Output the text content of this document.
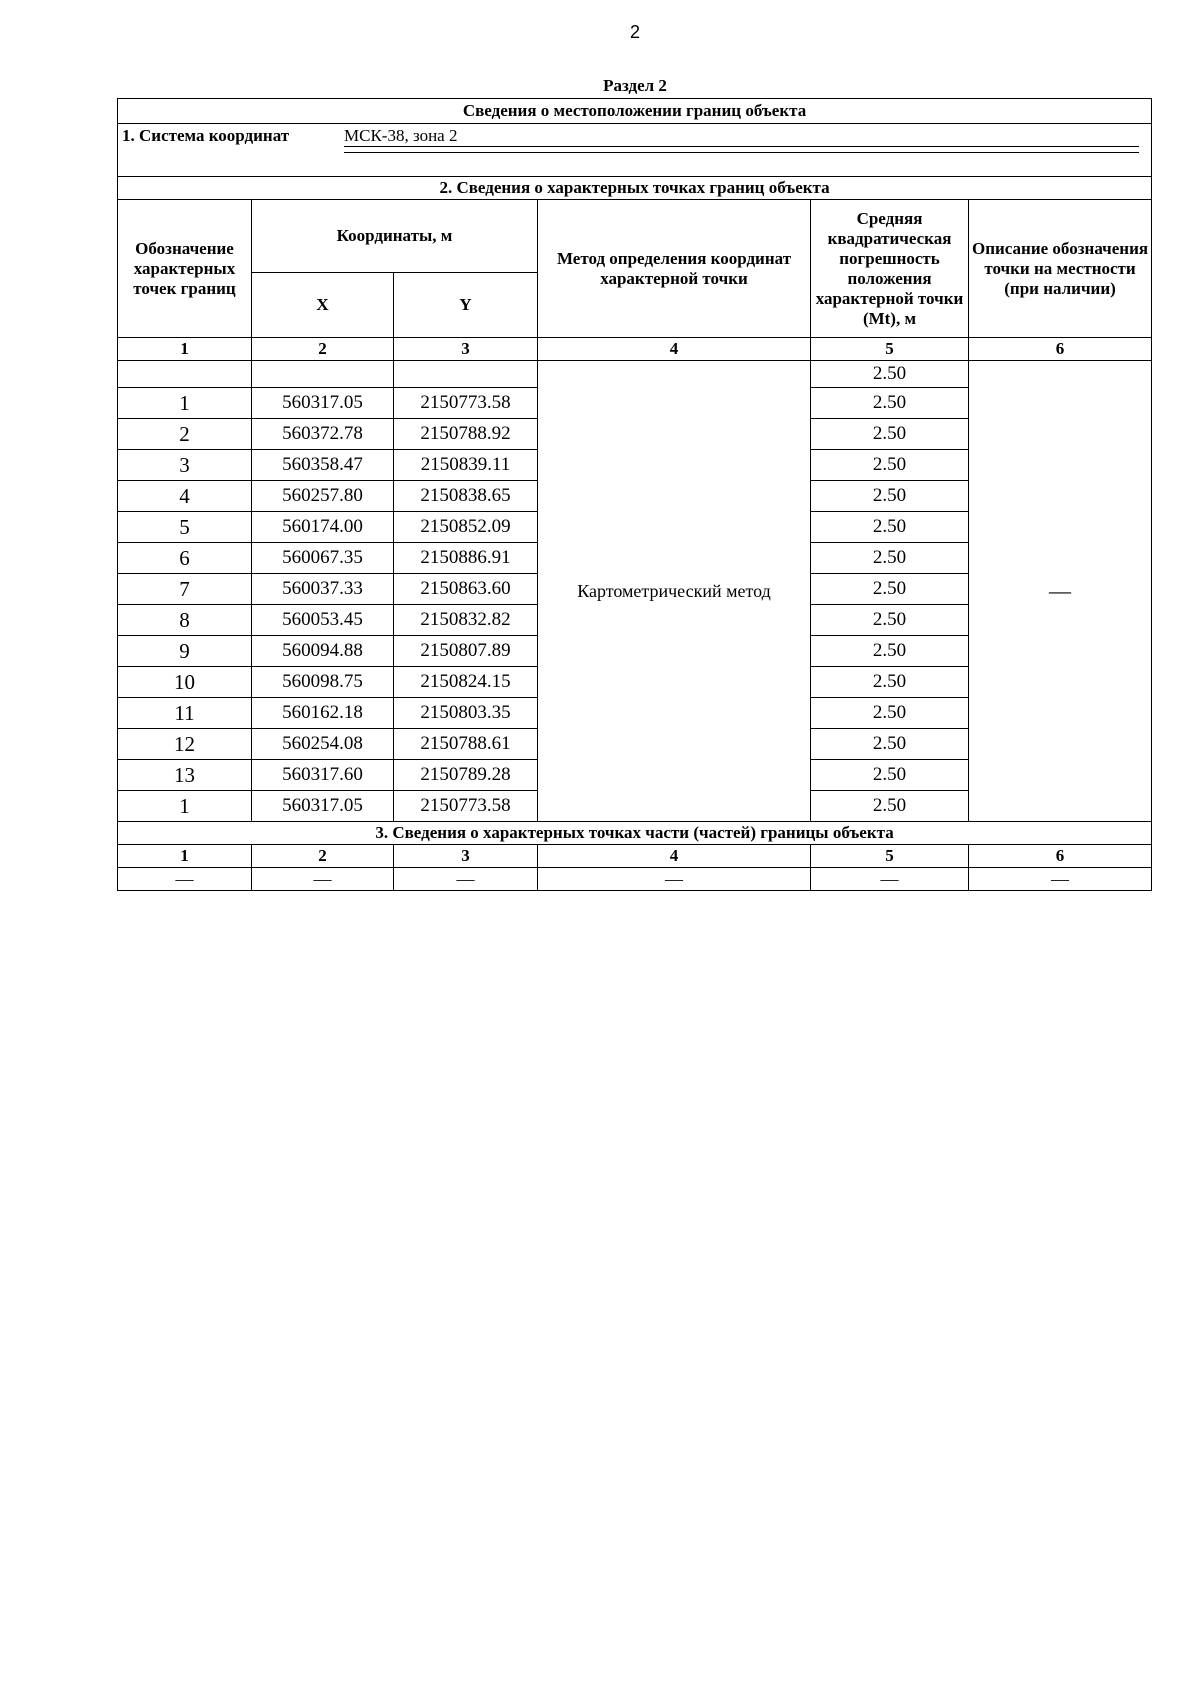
2
Раздел 2
Сведения о местоположении границ объекта					

1. Система координат МСК-38, зона 2					

2. Сведения о характерных точках границ объекта					
Обозначение характерных точек границ	Координаты, м		Метод определения координат характерной точки	Средняя квадратическая погрешность положения характерной точки (Mt), м	Описание обозначения точки на местности (при наличии)
	X	Y			
1	2	3	4	5	6
			Картометрический метод	2.50	—
1	560317.05	2150773.58		2.50	
2	560372.78	2150788.92		2.50	
3	560358.47	2150839.11		2.50	
4	560257.80	2150838.65		2.50	
5	560174.00	2150852.09		2.50	
6	560067.35	2150886.91		2.50	
7	560037.33	2150863.60		2.50	
8	560053.45	2150832.82		2.50	
9	560094.88	2150807.89		2.50	
10	560098.75	2150824.15		2.50	
11	560162.18	2150803.35		2.50	
12	560254.08	2150788.61		2.50	
13	560317.60	2150789.28		2.50	
1	560317.05	2150773.58		2.50	
3. Сведения о характерных точках части (частей) границы объекта					
1	2	3	4	5	6
—	—	—	—	—	—
